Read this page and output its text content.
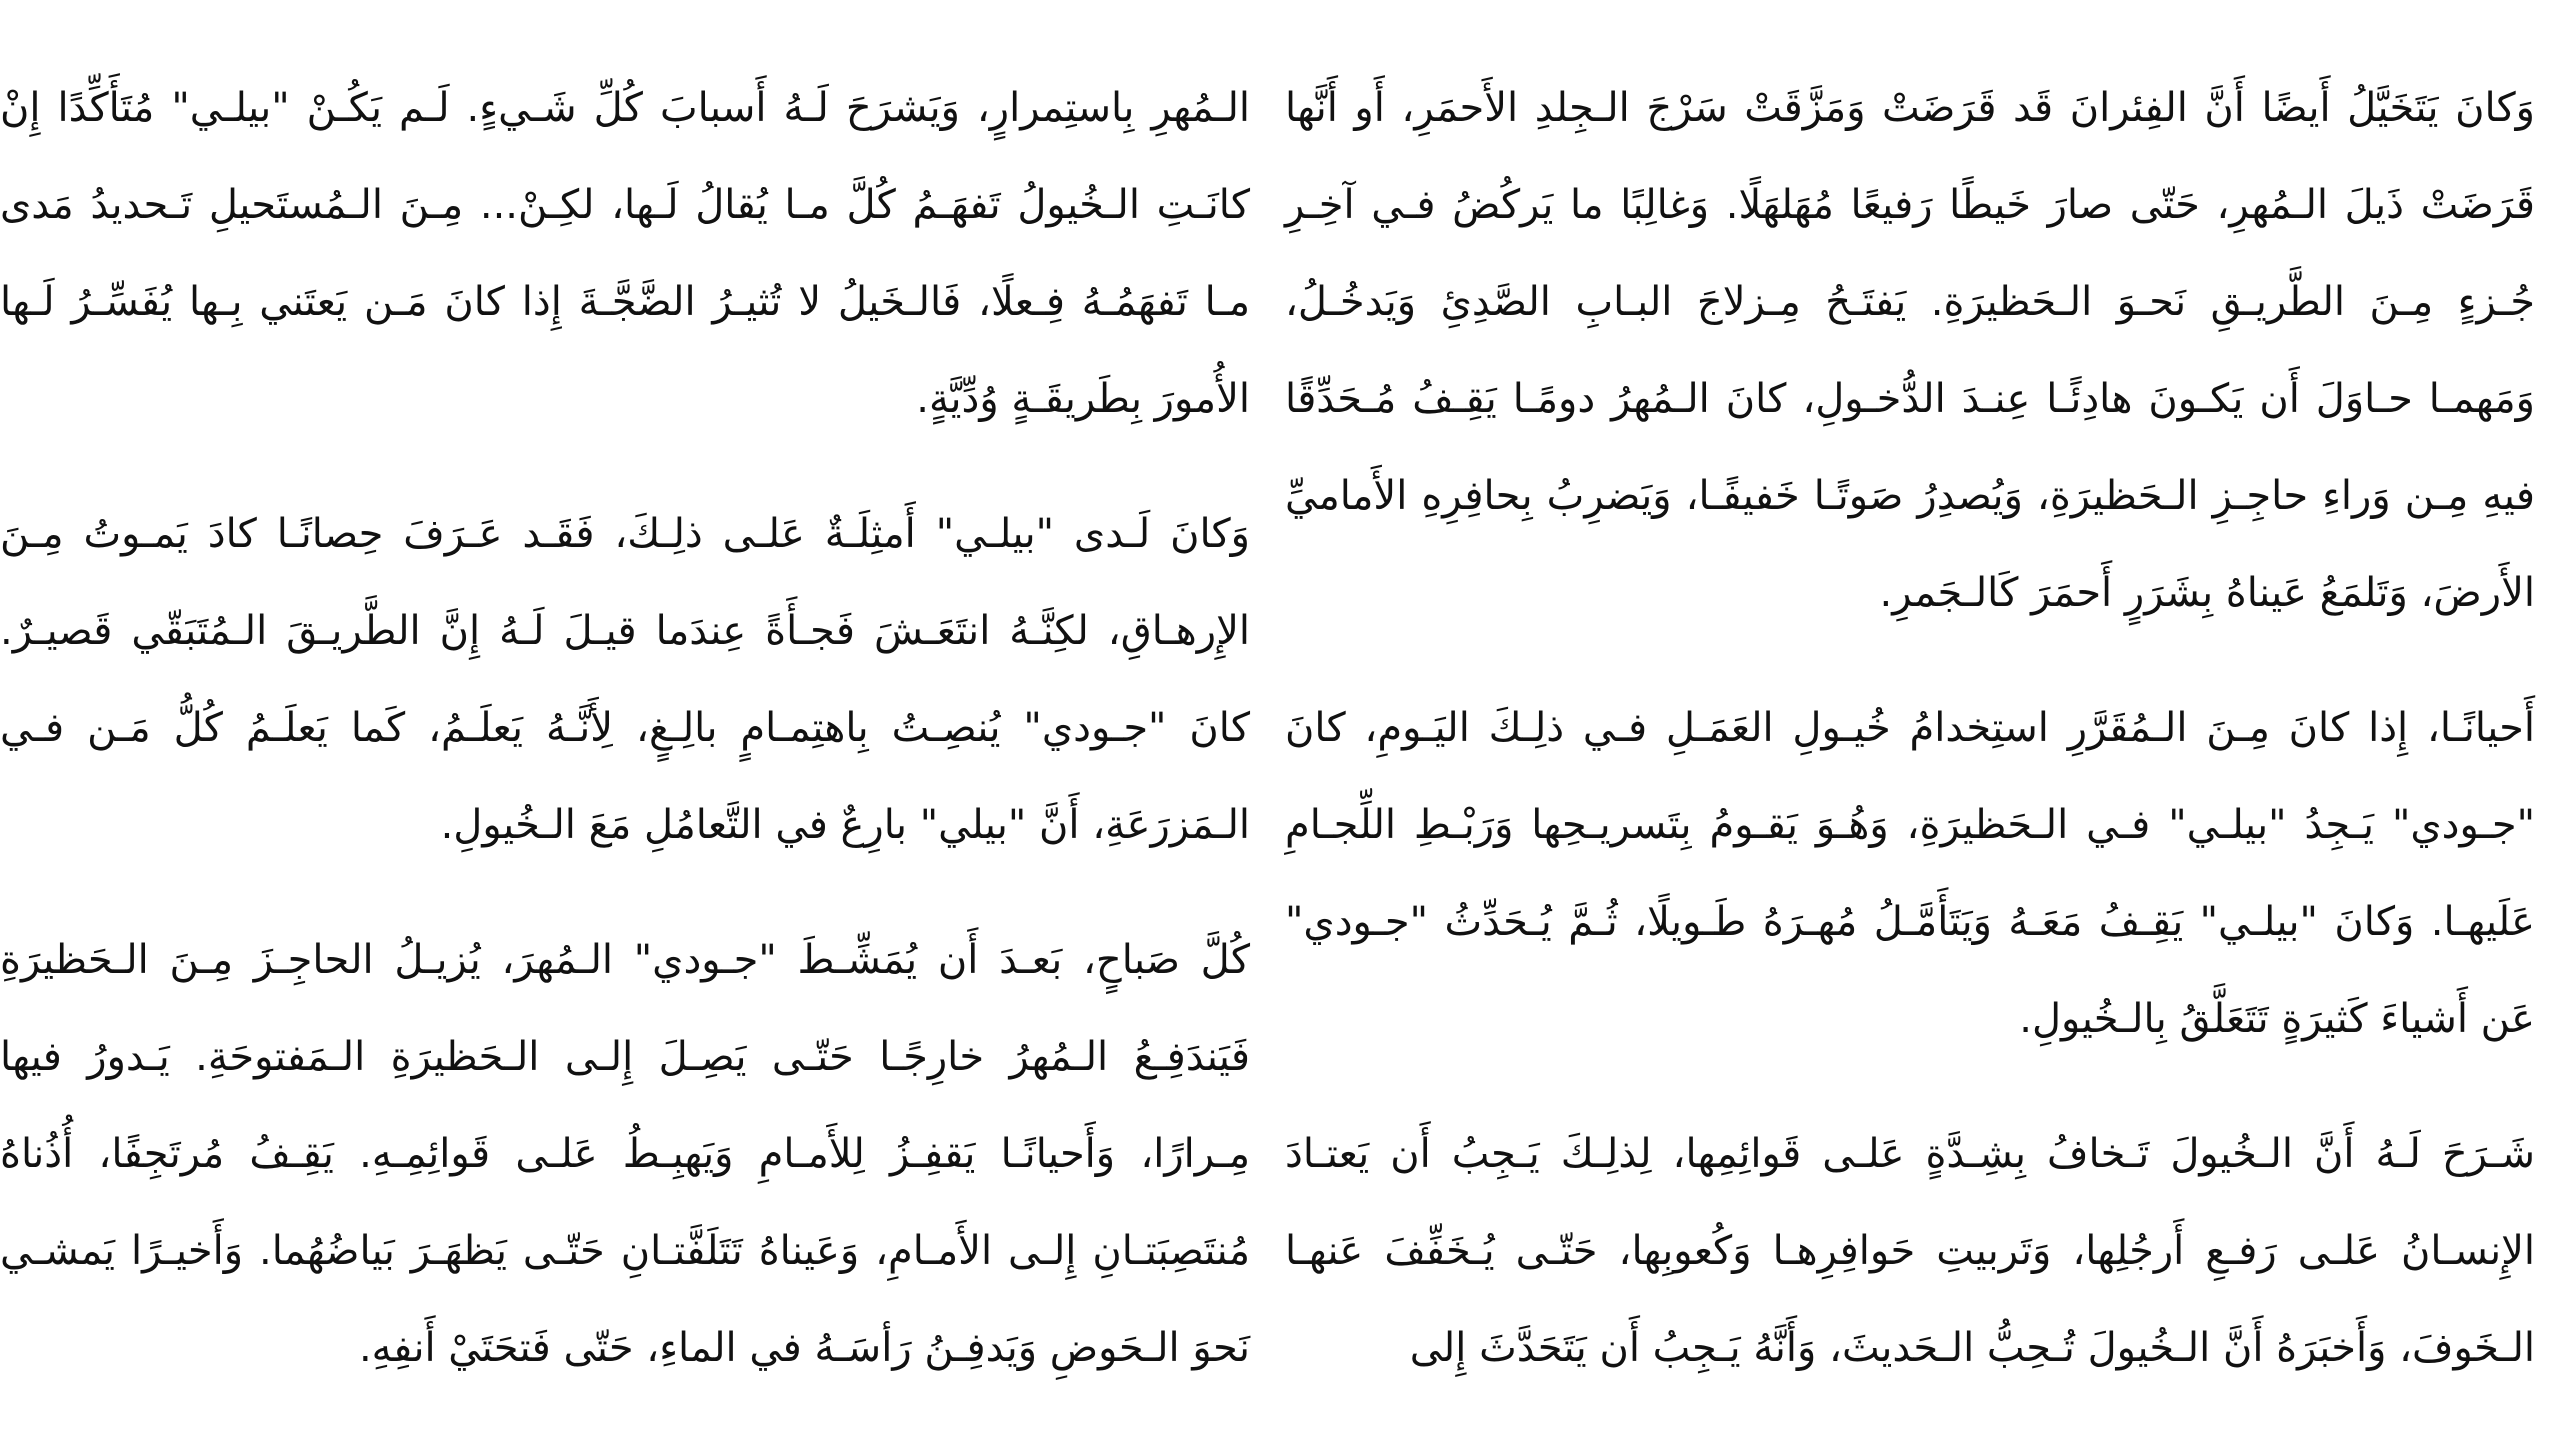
وَكانَ يَتَخَيَّلُ أَيضًا أَنَّ الفِئرانَ قَد قَرَضَتْ وَمَزَّقَتْ سَرْجَ الـجِلدِ الأَحمَرِ، أَو أَنَّها قَرَضَتْ ذَيلَ الـمُهرِ، حَتّى صارَ خَيطًا رَفيعًا مُهَلهَلًا. وَغالِبًا ما يَركُضُ فـي آخِـرِ جُـزءٍ مِـنَ الطَّريـقِ نَحـوَ الـحَظيرَةِ. يَفتَـحُ مِـزلاجَ البـابِ الصَّدِئِ وَيَدخُـلُ، وَمَهمـا حـاوَلَ أَن يَكـونَ هادِئًـا عِنـدَ الدُّخـولِ، كانَ الـمُهرُ دومًـا يَقِـفُ مُـحَدِّقًا فيهِ مِـن وَراءِ حاجِـزِ الـحَظيرَةِ، وَيُصدِرُ صَوتًـا خَفيفًـا، وَيَضرِبُ بِحافِرِهِ الأَماميِّ الأَرضَ، وَتَلمَعُ عَيناهُ بِشَرَرٍ أَحمَرَ كَالـجَمرِ.

أَحيانًـا، إِذا كانَ مِـنَ الـمُقَرَّرِ استِخدامُ خُيـولِ العَمَـلِ فـي ذلِـكَ اليَـومِ، كانَ "جـودي" يَـجِدُ "بيلـي" فـي الـحَظيرَةِ، وَهُـوَ يَقـومُ بِتَسريـحِها وَرَبْـطِ اللِّجـامِ عَلَيهـا. وَكانَ "بيلـي" يَقِـفُ مَعَـهُ وَيَتَأَمَّـلُ مُهـرَهُ طَـويلًا، ثُـمَّ يُـحَدِّثُ "جـودي" عَن أَشياءَ كَثيرَةٍ تَتَعَلَّقُ بِالـخُيولِ.

شَـرَحَ لَـهُ أَنَّ الـخُيولَ تَـخافُ بِشِـدَّةٍ عَلـى قَوائِمِها، لِذلِـكَ يَـجِبُ أَن يَعتـادَ الإِنسـانُ عَلـى رَفـعِ أَرجُلِها، وَتَربيتِ حَوافِرِهـا وَكُعوبِها، حَتّـى يُـخَفِّفَ عَنهـا الـخَوفَ، وَأَخبَرَهُ أَنَّ الـخُيولَ تُـحِبُّ الـحَديثَ، وَأَنَّهُ يَـجِبُ أَن يَتَحَدَّثَ إِلى

الـمُهرِ بِاستِمرارٍ، وَيَشرَحَ لَـهُ أَسبابَ كُلِّ شَـيءٍ. لَـم يَكُـنْ "بيلـي" مُتَأَكِّدًا إِنْ كانَـتِ الـخُيولُ تَفهَـمُ كُلَّ مـا يُقالُ لَـها، لكِـنْ... مِـنَ الـمُستَحيلِ تَـحديدُ مَدى مـا تَفهَمُـهُ فِـعلًا، فَالـخَيلُ لا تُثيـرُ الضَّجَّـةَ إِذا كانَ مَـن يَعتَني بِـها يُفَسِّـرُ لَـها الأُمورَ بِطَريقَـةٍ وُدِّيَّةٍ.

وَكانَ لَـدى "بيلـي" أَمثِلَـةٌ عَلـى ذلِـكَ، فَقَـد عَـرَفَ حِصانًـا كادَ يَمـوتُ مِـنَ الإِرهـاقِ، لكِنَّـهُ انتَعَـشَ فَجـأَةً عِندَما قيـلَ لَـهُ إِنَّ الطَّريـقَ الـمُتَبَقّي قَصيـرٌ. كانَ "جـودي" يُنصِـتُ بِاهتِمـامٍ بالِـغٍ، لِأَنَّـهُ يَعلَـمُ، كَما يَعلَـمُ كُلُّ مَـن فـي الـمَزرَعَةِ، أَنَّ "بيلي" بارِعٌ في التَّعامُلِ مَعَ الـخُيولِ.

كُلَّ صَباحٍ، بَعـدَ أَن يُمَشِّـطَ "جـودي" الـمُهرَ، يُزيـلُ الحاجِـزَ مِـنَ الـحَظيرَةِ فَيَندَفِـعُ الـمُهرُ خارِجًـا حَتّـى يَصِـلَ إِلـى الـحَظيرَةِ الـمَفتوحَةِ. يَـدورُ فيها مِـرارًا، وَأَحيانًـا يَقفِـزُ لِلأَمـامِ وَيَهبِـطُ عَلـى قَوائِمِـهِ. يَقِـفُ مُرتَجِفًا، أُذُناهُ مُنتَصِبَتـانِ إِلـى الأَمـامِ، وَعَيناهُ تَتَلَفَّتـانِ حَتّـى يَظهَـرَ بَياضُهُما. وَأَخيـرًا يَمشـي نَحوَ الـحَوضِ وَيَدفِـنُ رَأسَـهُ في الماءِ، حَتّى فَتحَتَيْ أَنفِهِ.
